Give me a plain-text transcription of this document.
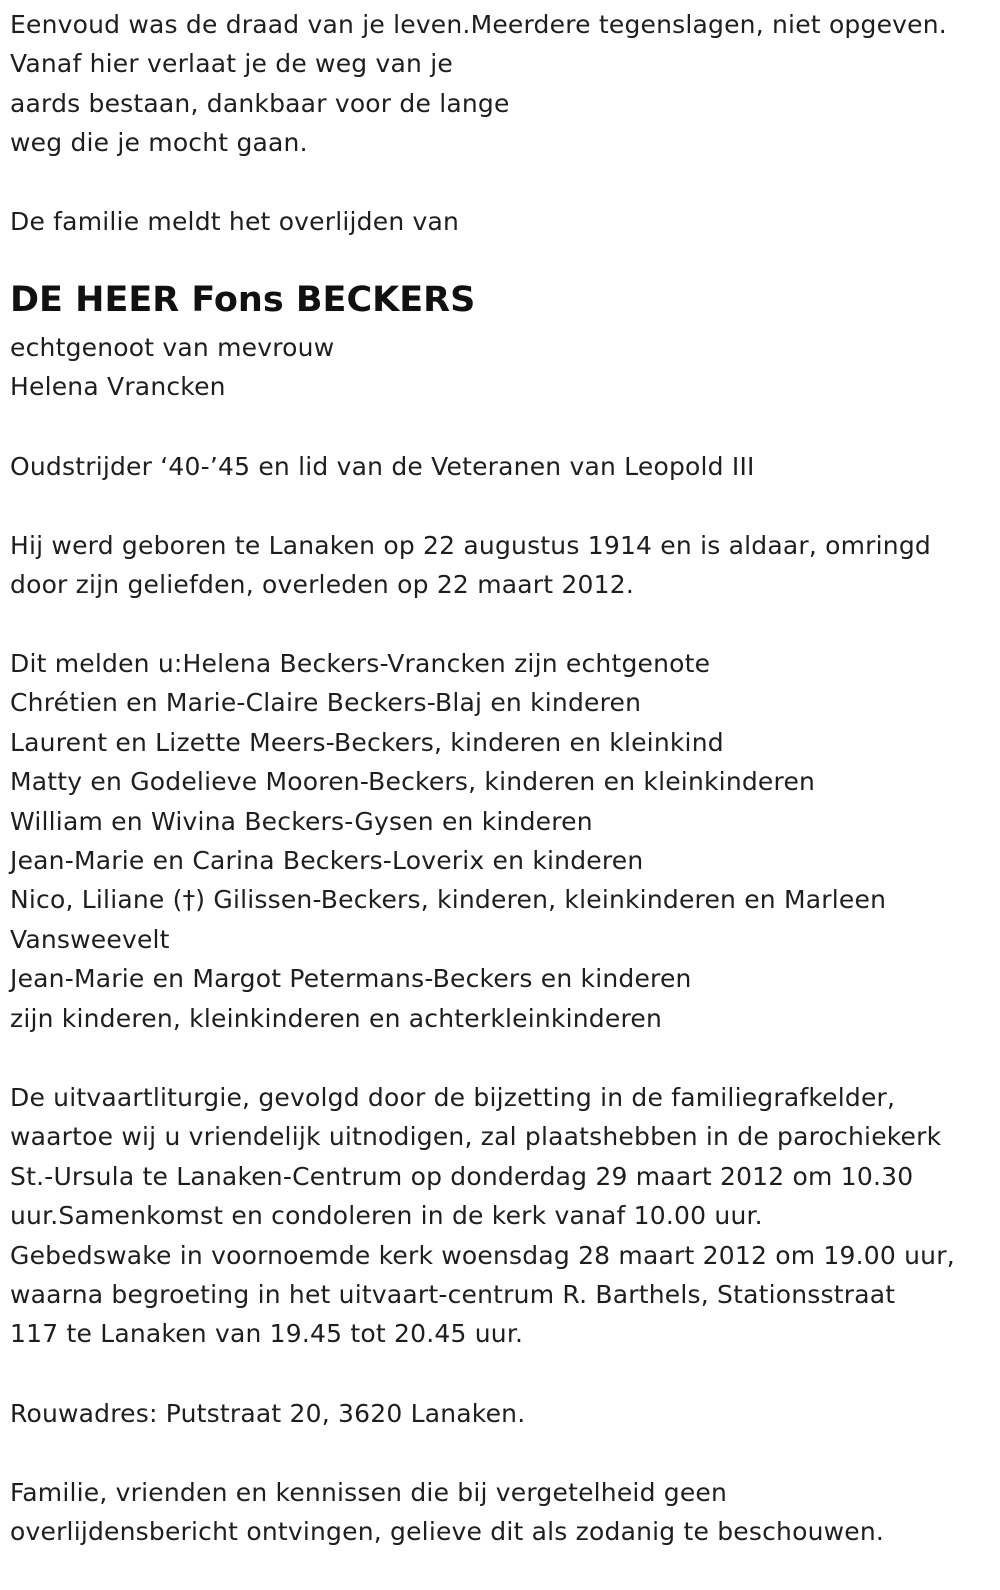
Eenvoud was de draad van je leven.Meerdere tegenslagen, niet opgeven.
Vanaf hier verlaat je de weg van je
aards bestaan, dankbaar voor de lange
weg die je mocht gaan.
De familie meldt het overlijden van
DE HEER Fons BECKERS
echtgenoot van mevrouw
Helena Vrancken
Oudstrijder ‘40-’45 en lid van de Veteranen van Leopold III
Hij werd geboren te Lanaken op 22 augustus 1914 en is aldaar, omringd
door zijn geliefden, overleden op 22 maart 2012.
Dit melden u:Helena Beckers-Vrancken zijn echtgenote
Chrétien en Marie-Claire Beckers-Blaj en kinderen
Laurent en Lizette Meers-Beckers, kinderen en kleinkind
Matty en Godelieve Mooren-Beckers, kinderen en kleinkinderen
William en Wivina Beckers-Gysen en kinderen
Jean-Marie en Carina Beckers-Loverix en kinderen
Nico, Liliane (†) Gilissen-Beckers, kinderen, kleinkinderen en Marleen
Vansweevelt
Jean-Marie en Margot Petermans-Beckers en kinderen
zijn kinderen, kleinkinderen en achterkleinkinderen
De uitvaartliturgie, gevolgd door de bijzetting in de familiegrafkelder,
waartoe wij u vriendelijk uitnodigen, zal plaatshebben in de parochiekerk
St.-Ursula te Lanaken-Centrum op donderdag 29 maart 2012 om 10.30
uur.Samenkomst en condoleren in de kerk vanaf 10.00 uur.
Gebedswake in voornoemde kerk woensdag 28 maart 2012 om 19.00 uur,
waarna begroeting in het uitvaart-centrum R. Barthels, Stationsstraat
117 te Lanaken van 19.45 tot 20.45 uur.
Rouwadres: Putstraat 20, 3620 Lanaken.
Familie, vrienden en kennissen die bij vergetelheid geen
overlijdensbericht ontvingen, gelieve dit als zodanig te beschouwen.
